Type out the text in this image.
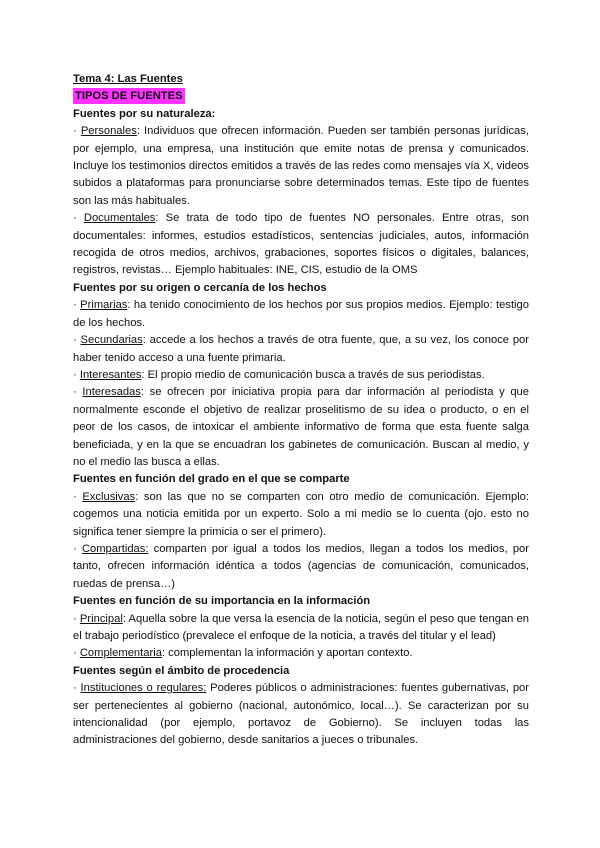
Tema 4: Las Fuentes
TIPOS DE FUENTES
Fuentes por su naturaleza:

· Personales: Individuos que ofrecen información. Pueden ser también personas jurídicas, por ejemplo, una empresa, una institución que emite notas de prensa y comunicados. Incluye los testimonios directos emitidos a través de las redes como mensajes vía X, videos subidos a plataformas para pronunciarse sobre determinados temas. Este tipo de fuentes son las más habituales.

· Documentales: Se trata de todo tipo de fuentes NO personales. Entre otras, son documentales: informes, estudios estadísticos, sentencias judiciales, autos, información recogida de otros medios, archivos, grabaciones, soportes físicos o digitales, balances, registros, revistas… Ejemplo habituales: INE, CIS, estudio de la OMS

Fuentes por su origen o cercanía de los hechos

· Primarias: ha tenido conocimiento de los hechos por sus propios medios. Ejemplo: testigo de los hechos.

· Secundarias: accede a los hechos a través de otra fuente, que, a su vez, los conoce por haber tenido acceso a una fuente primaria.

· Interesantes: El propio medio de comunicación busca a través de sus periodistas.

· Interesadas: se ofrecen por iniciativa propia para dar información al periodista y que normalmente esconde el objetivo de realizar proselitismo de su idea o producto, o en el peor de los casos, de intoxicar el ambiente informativo de forma que esta fuente salga beneficiada, y en la que se encuadran los gabinetes de comunicación. Buscan al medio, y no el medio las busca a ellas.

Fuentes en función del grado en el que se comparte

· Exclusivas: son las que no se comparten con otro medio de comunicación. Ejemplo: cogemos una noticia emitida por un experto. Solo a mi medio se lo cuenta (ojo. esto no significa tener siempre la primicia o ser el primero).

· Compartidas: comparten por igual a todos los medios, llegan a todos los medios, por tanto, ofrecen información idéntica a todos (agencias de comunicación, comunicados, ruedas de prensa…)

Fuentes en función de su importancia en la información

· Principal: Aquella sobre la que versa la esencia de la noticia, según el peso que tengan en el trabajo periodístico (prevalece el enfoque de la noticia, a través del titular y el lead)

· Complementaria: complementan la información y aportan contexto.

Fuentes según el ámbito de procedencia

· Instituciones o regulares: Poderes públicos o administraciones: fuentes gubernativas, por ser pertenecientes al gobierno (nacional, autonómico, local…). Se caracterizan por su intencionalidad (por ejemplo, portavoz de Gobierno). Se incluyen todas las administraciones del gobierno, desde sanitarios a jueces o tribunales.
